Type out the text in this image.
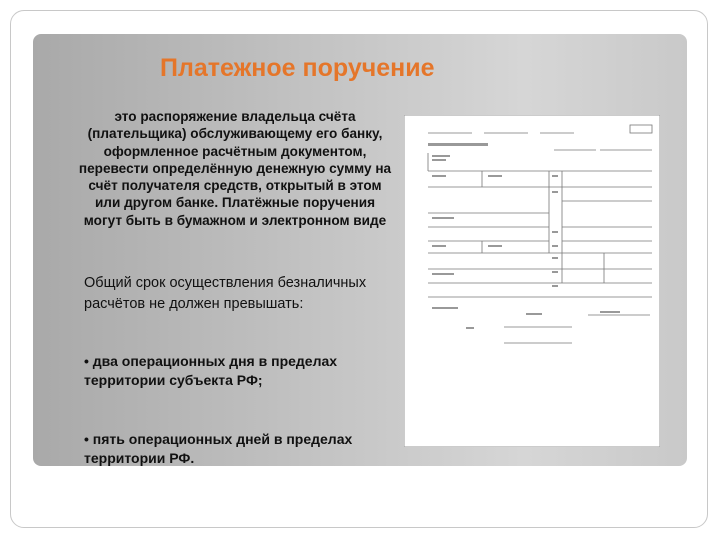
Платежное поручение
это распоряжение владельца счёта (плательщика) обслуживающему его банку, оформленное расчётным документом, перевести определённую денежную сумму на счёт получателя средств, открытый в этом или другом банке. Платёжные поручения могут быть в бумажном и электронном виде
Общий срок осуществления безналичных расчётов не должен превышать:
• два операционных дня в пределах территории субъекта РФ;
• пять операционных дней в пределах территории РФ.
